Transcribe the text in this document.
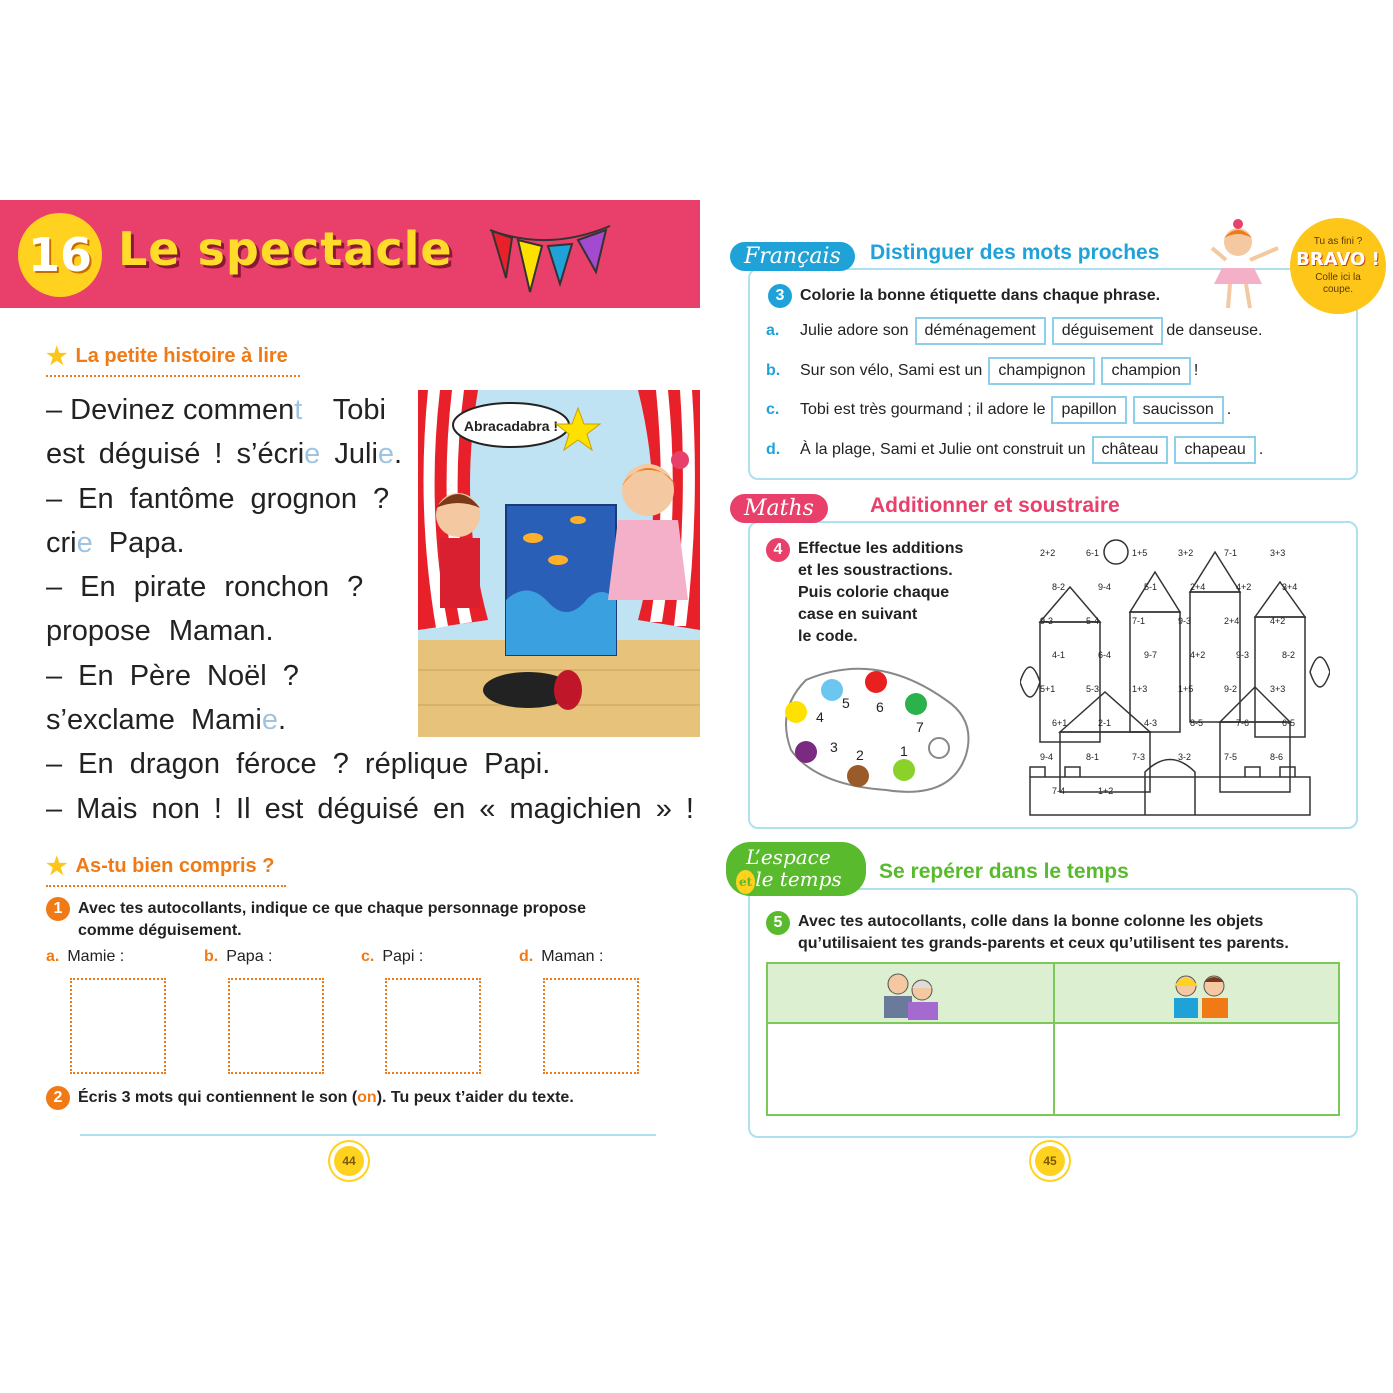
16 Le spectacle
★ La petite histoire à lire
– Devinez comment Tobi
est déguisé ! s’écrie Julie.
– En fantôme grognon ?
crie Papa.
– En pirate ronchon ?
propose Maman.
– En Père Noël ?
s’exclame Mamie.
– En dragon féroce ? réplique Papi.
– Mais non ! Il est déguisé en « magichien » !
Abracadabra !
★ As-tu bien compris ?
1 Avec tes autocollants, indique ce que chaque personnage propose comme déguisement.
a. Mamie :	b. Papa :	c. Papi :	d. Maman :
2 Écris 3 mots qui contiennent le son (on). Tu peux t’aider du texte.
44
Français	Distinguer des mots proches	Tu as fini ?
BRAVO !
Colle ici la coupe.
3 Colorie la bonne étiquette dans chaque phrase.
a.	Julie adore son	déménagement	déguisement de danseuse.
b.	Sur son vélo, Sami est un	champignon	champion !
c.	Tobi est très gourmand ; il adore le	papillon	saucisson .
d.	À la plage, Sami et Julie ont construit un	château	chapeau .
Maths	Additionner et soustraire
4 Effectue les additions
et les soustractions.
Puis colorie chaque
case en suivant
le code.
5 6
7
4
3 2	1
2+2	6-1	1+5	3+2	7-1	3+3
8-2	9-4	5-1	2+4	4+2	3+4
9-3	5-4	7-1	9-3	2+4	4+2
4-1	6-4	9-7	4+2	9-3	8-2
5+1	5-3	1+3	1+5	9-2	3+3
6+1	2-1	4-3	8-5	7-6	6-5
9-4	8-1	7-3	3-2	7-5	8-6
7-4	1+2
L’espace
et le temps	Se repérer dans le temps
5 Avec tes autocollants, colle dans la bonne colonne les objets qu’utilisaient tes grands-parents et ceux qu’utilisent tes parents.
45
